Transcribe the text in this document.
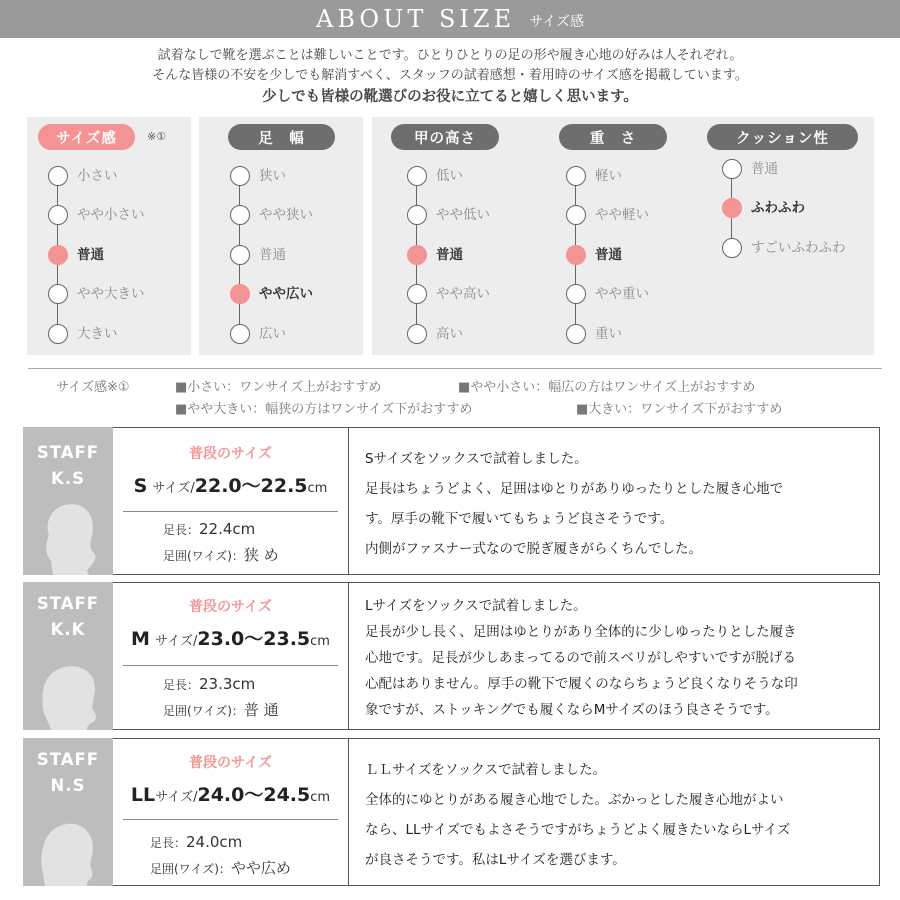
ABOUT SIZE サイズ感
試着なしで靴を選ぶことは難しいことです。ひとりひとりの足の形や履き心地の好みは人それぞれ。
そんな皆様の不安を少しでも解消すべく、スタッフの試着感想・着用時のサイズ感を掲載しています。
少しでも皆様の靴選びのお役に立てると嬉しく思います。
サイズ感	※①
小さい
やや小さい
普通
やや大きい
大きい
足　幅
狭い
やや狭い
普通
やや広い
広い
甲の高さ
低い
やや低い
普通
やや高い
高い
重　さ
軽い
やや軽い
普通
やや重い
重い
クッション性
普通
ふわふわ
すごいふわふわ
サイズ感※①	■小さい：ワンサイズ上がおすすめ	■やや小さい：幅広の方はワンサイズ上がおすすめ
■やや大きい：幅狭の方はワンサイズ下がおすすめ	■大きい：ワンサイズ下がおすすめ
STAFF
K.S
普段のサイズ
S サイズ/22.0〜22.5cm
足長：22.4cm
足囲(ワイズ)：狭 め
Sサイズをソックスで試着しました。
足長はちょうどよく、足囲はゆとりがありゆったりとした履き心地で
す。厚手の靴下で履いてもちょうど良さそうです。
内側がファスナー式なので脱ぎ履きがらくちんでした。
STAFF
K.K
普段のサイズ
M サイズ/23.0〜23.5cm
足長：23.3cm
足囲(ワイズ)：普 通
Lサイズをソックスで試着しました。
足長が少し長く、足囲はゆとりがあり全体的に少しゆったりとした履き
心地です。足長が少しあまってるので前スベリがしやすいですが脱げる
心配はありません。厚手の靴下で履くのならちょうど良くなりそうな印
象ですが、ストッキングでも履くならMサイズのほう良さそうです。
STAFF
N.S
普段のサイズ
LLサイズ/24.0〜24.5cm
足長：24.0cm
足囲(ワイズ)：やや広め
ＬＬサイズをソックスで試着しました。
全体的にゆとりがある履き心地でした。ぶかっとした履き心地がよい
なら、LLサイズでもよさそうですがちょうどよく履きたいならLサイズ
が良さそうです。私はLサイズを選びます。
